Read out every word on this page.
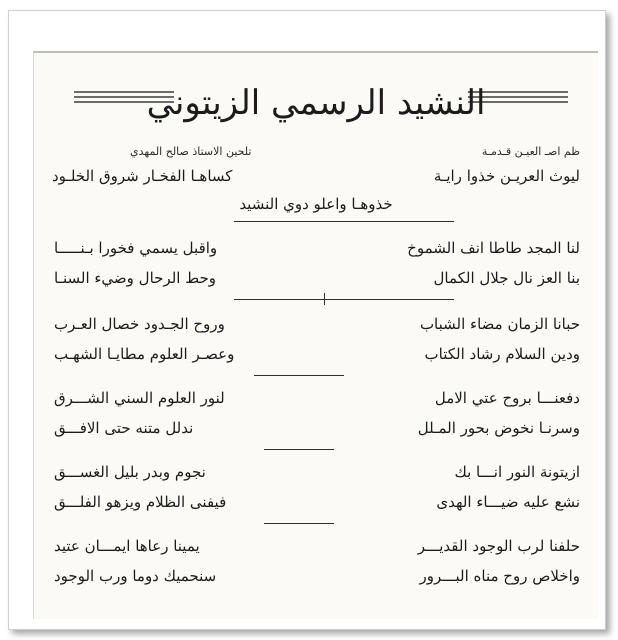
النشيد الرسمي الزيتوني
ظم اصـ العيـن قـدمـة
تلحين الاستاذ صالح المهدي
ليوث العريـن خذوا رايـة
كساهـا الفخـار شروق الخلـود
خذوهـا واعلو دوي النشيد
لنا المجد طاطا انف الشموخ
بنا العز نال جلال الكمال
واقبل يسمي فخورا بـنـــــا
وحط الرحال وضيء السنـا
حبانا الزمان مضاء الشباب
ودين السلام رشاد الكتاب
وروح الجـدود خصال العـرب
وعصـر العلوم مطايـا الشهـب
دفعنـــا بروح عتي الامل
وسرنـا نخوض بحور المـلل
لنور العلوم السني الشـــرق
ندلل متنه حتى الافـــق
ازيتونة النور انـــا بك
نشع عليه ضيـــاء الهدى
نجوم وبدر بليل الغســـق
فيفنى الظلام ويزهو الفلـــق
حلفنا لرب الوجود القديـــر
واخلاص روح مناه البـــرور
يمينا رعاها ايمـــان عتيد
سنحميك دوما ورب الوجود
